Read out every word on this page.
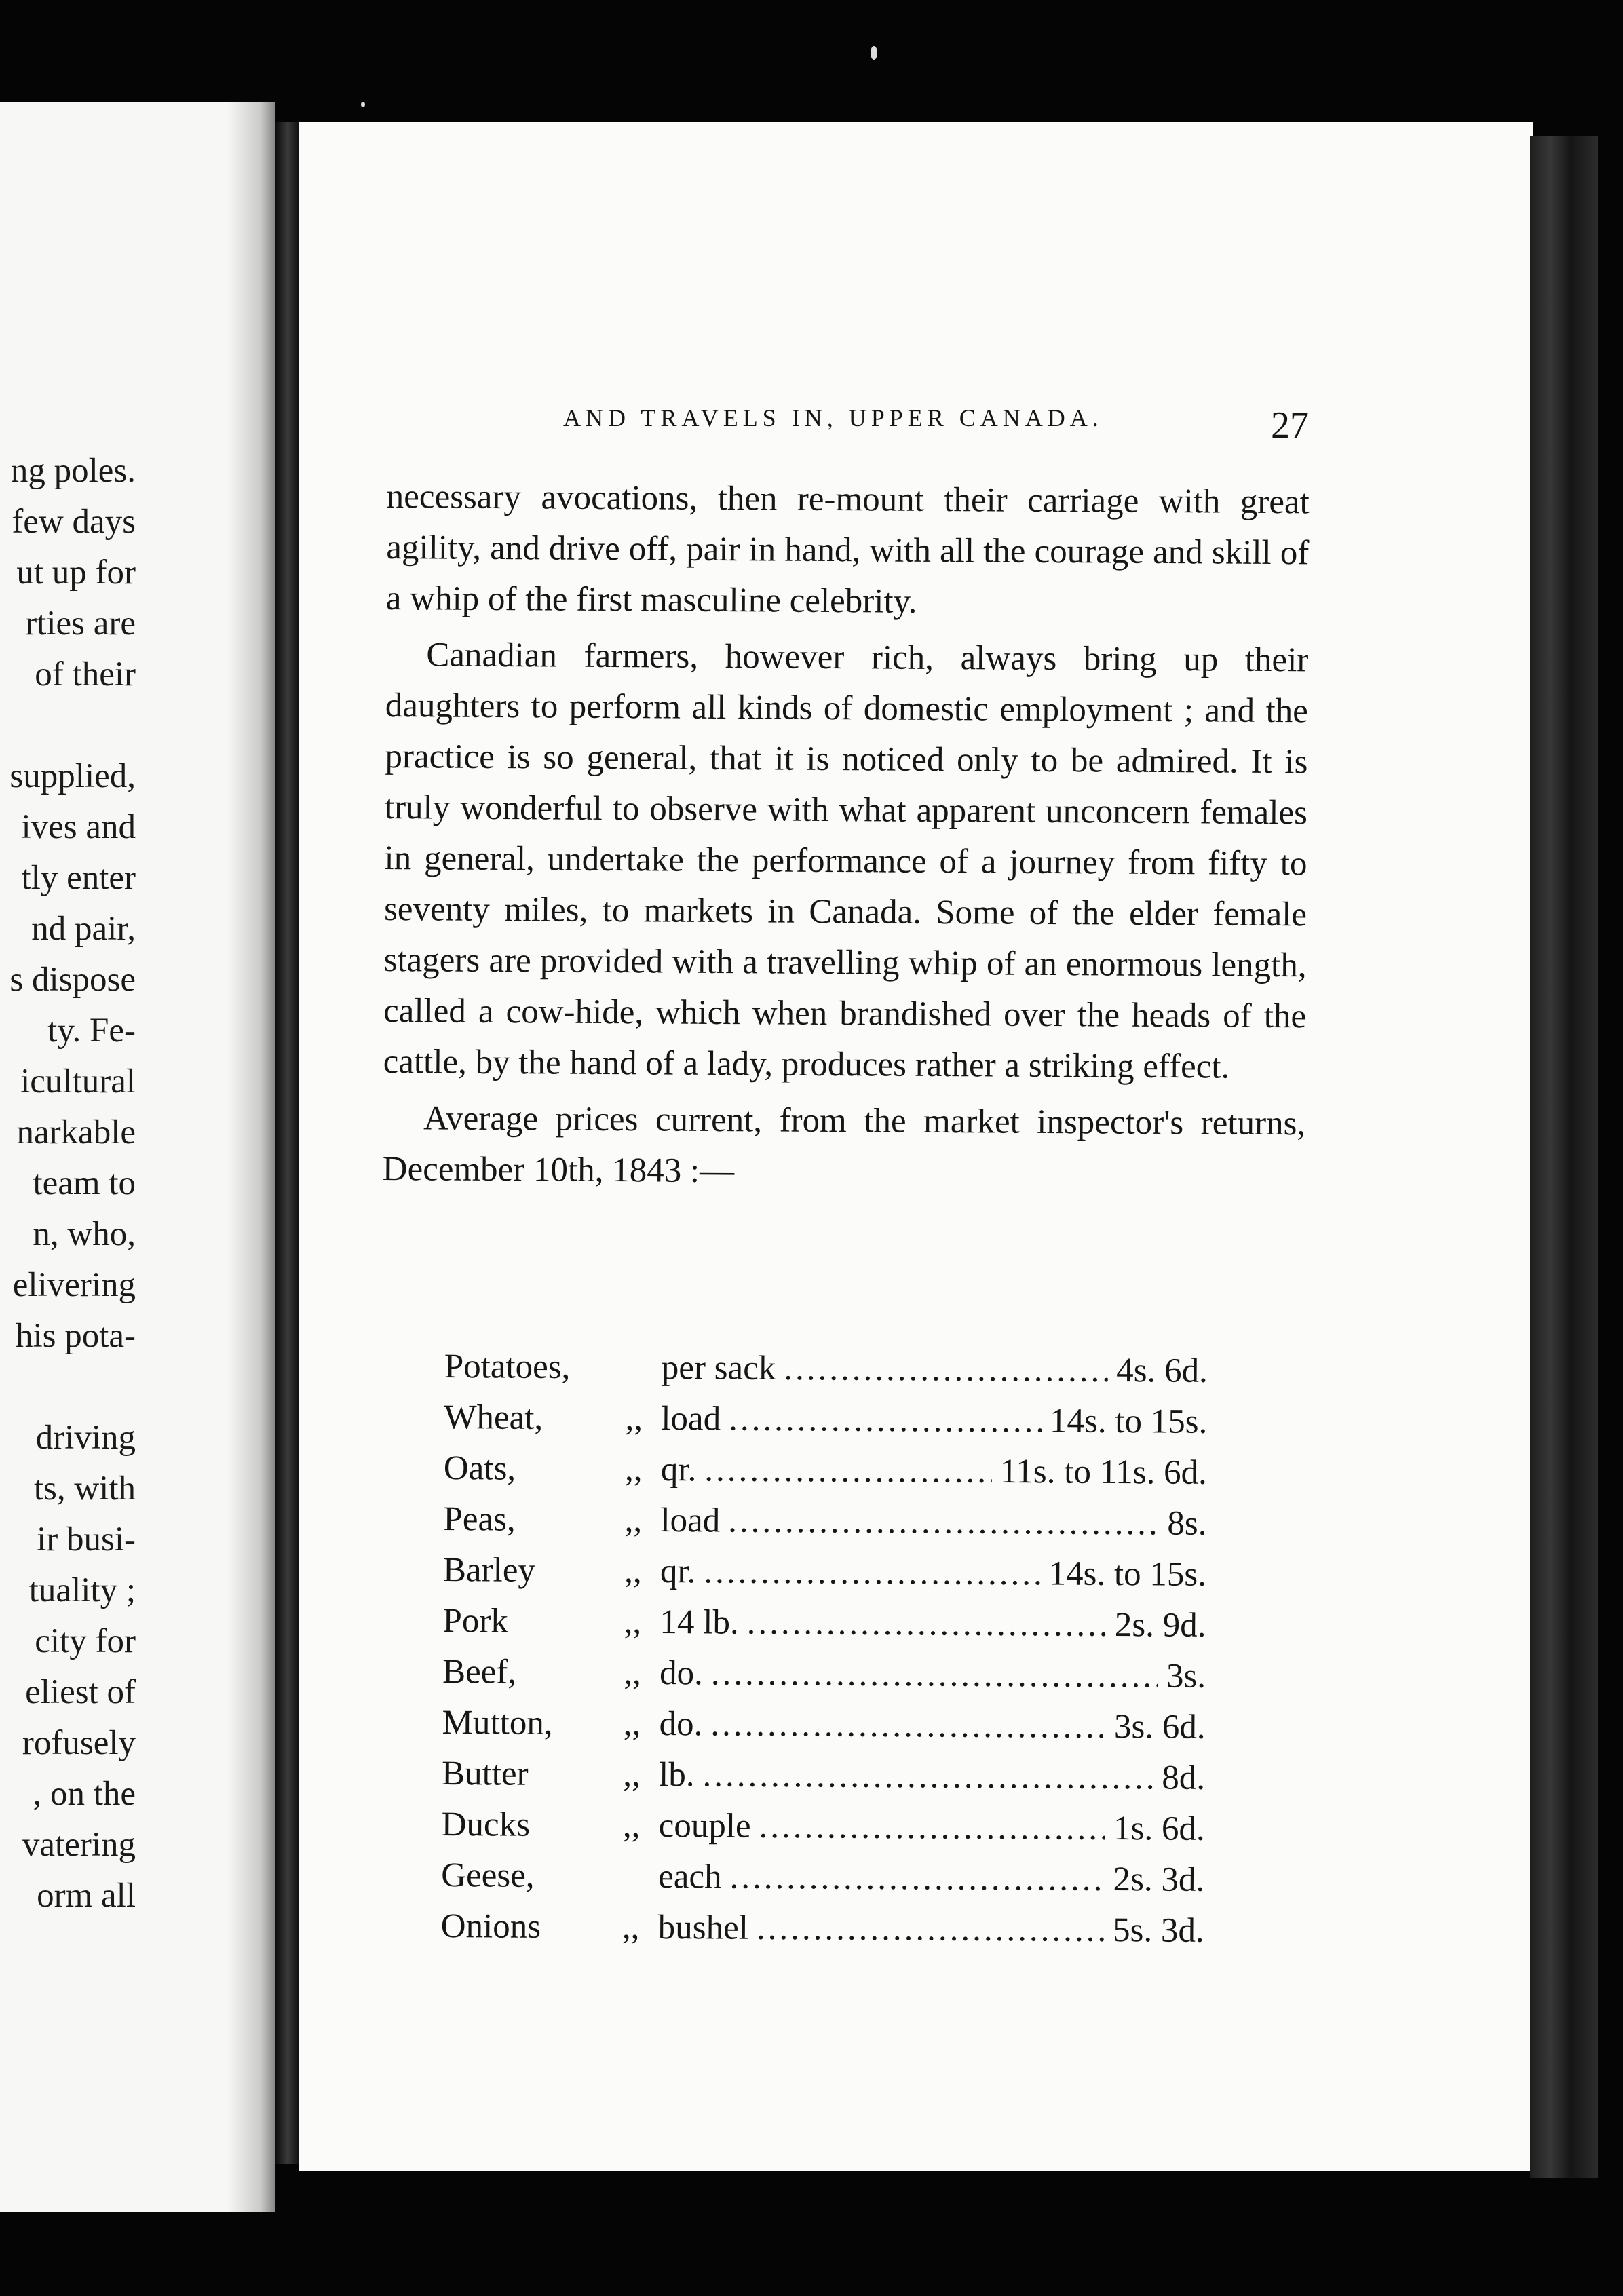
ng poles.
few days
ut up for
rties are
of their
supplied,
ives and
tly enter
nd pair,
s dispose
ty. Fe-
icultural
narkable
team to
n, who,
elivering
his pota-
driving
ts, with
ir busi-
tuality ;
city for
eliest of
rofusely
, on the
vatering
orm all
AND TRAVELS IN, UPPER CANADA.	27

necessary avocations, then re-mount their carriage with great agility, and drive off, pair in hand, with all the courage and skill of a whip of the first masculine celebrity.

Canadian farmers, however rich, always bring up their daughters to perform all kinds of domestic employment ; and the practice is so general, that it is noticed only to be admired. It is truly wonderful to observe with what apparent unconcern females in general, undertake the performance of a journey from fifty to seventy miles, to markets in Canada. Some of the elder female stagers are provided with a travelling whip of an enormous length, called a cow-hide, which when brandished over the heads of the cattle, by the hand of a lady, produces rather a striking effect.

Average prices current, from the market inspector's returns, December 10th, 1843 :—

Potatoes,	per sack .....	4s. 6d.
Wheat,	,, load .....	14s. to 15s.
Oats,	,, qr. .....	11s. to 11s. 6d.
Peas,	,, load .....	8s.
Barley	,, qr. .....	14s. to 15s.
Pork	,, 14 lb. .....	2s. 9d.
Beef,	,, do. .....	3s.
Mutton,	,, do. .....	3s. 6d.
Butter	,, lb. .....	8d.
Ducks	,, couple .....	1s. 6d.
Geese,	each .....	2s. 3d.
Onions	,, bushel .....	5s. 3d.
